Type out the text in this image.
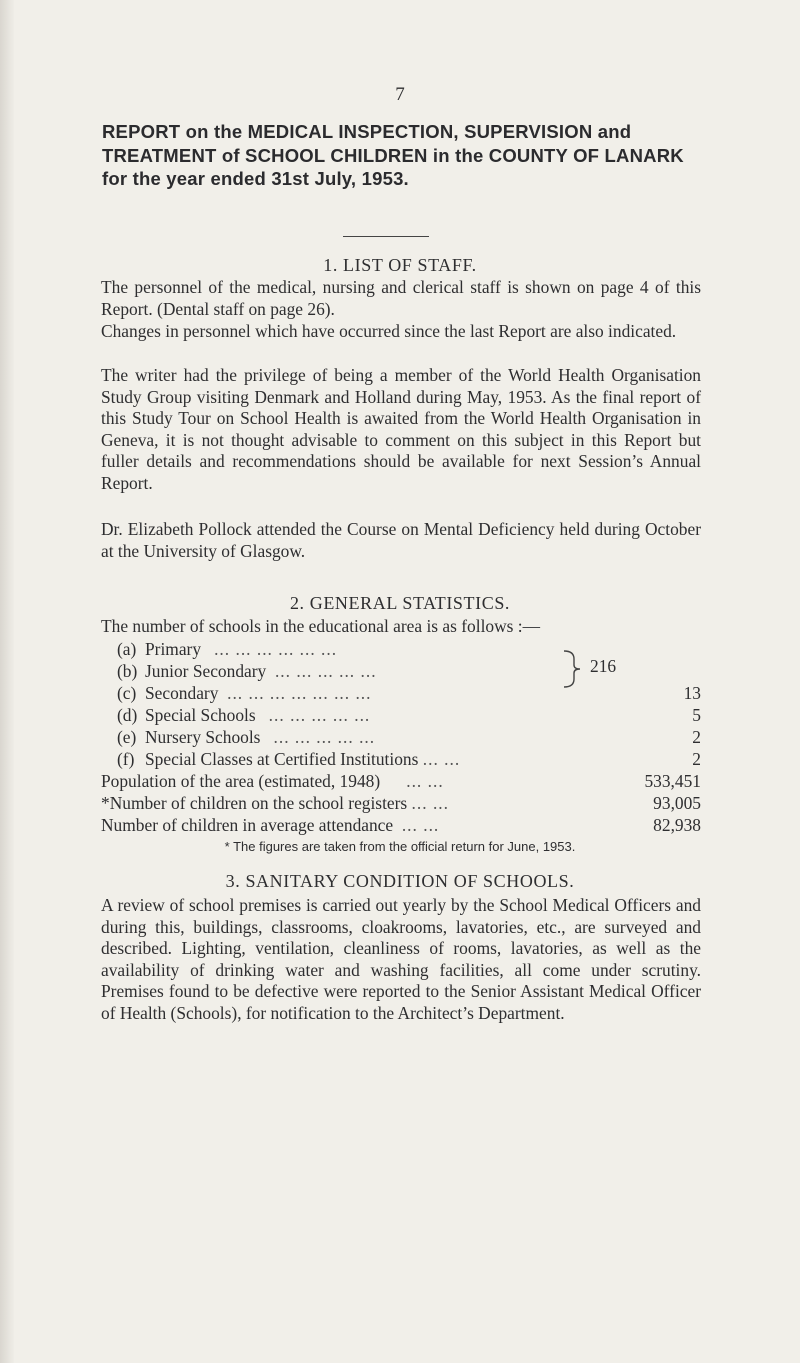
7
REPORT on the MEDICAL INSPECTION, SUPERVISION and TREATMENT of SCHOOL CHILDREN in the COUNTY OF LANARK for the year ended 31st July, 1953.
1. LIST OF STAFF.
The personnel of the medical, nursing and clerical staff is shown on page 4 of this Report. (Dental staff on page 26).
Changes in personnel which have occurred since the last Report are also indicated.
The writer had the privilege of being a member of the World Health Organisation Study Group visiting Denmark and Holland during May, 1953. As the final report of this Study Tour on School Health is awaited from the World Health Organisation in Geneva, it is not thought advisable to comment on this subject in this Report but fuller details and recommendations should be available for next Session’s Annual Report.
Dr. Elizabeth Pollock attended the Course on Mental Deficiency held during October at the University of Glasgow.
2. GENERAL STATISTICS.
The number of schools in the educational area is as follows :—
(a) Primary ... ... ... ... ... ...
(b) Junior Secondary ... ... ... ... ...	216
(c) Secondary ... ... ... ... ... ... ...	13
(d) Special Schools ... ... ... ... ...	5
(e) Nursery Schools ... ... ... ... ...	2
(f) Special Classes at Certified Institutions ... ...	2
Population of the area (estimated, 1948) ... ...	533,451
*Number of children on the school registers ... ...	93,005
Number of children in average attendance ... ...	82,938
* The figures are taken from the official return for June, 1953.
3. SANITARY CONDITION OF SCHOOLS.
A review of school premises is carried out yearly by the School Medical Officers and during this, buildings, classrooms, cloakrooms, lavatories, etc., are surveyed and described. Lighting, ventilation, cleanliness of rooms, lavatories, as well as the availability of drinking water and washing facilities, all come under scrutiny. Premises found to be defective were reported to the Senior Assistant Medical Officer of Health (Schools), for notification to the Architect’s Department.
